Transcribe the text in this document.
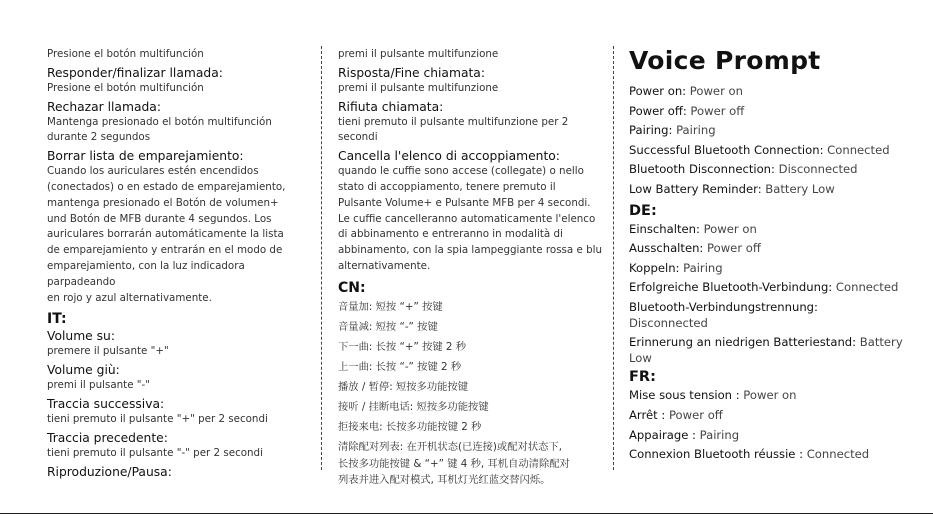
Presione el botón multifunción
Responder/finalizar llamada:
Presione el botón multifunción
Rechazar llamada:
Mantenga presionado el botón multifunción
durante 2 segundos
Borrar lista de emparejamiento:
Cuando los auriculares estén encendidos
(conectados) o en estado de emparejamiento,
mantenga presionado el Botón de volumen+
und Botón de MFB durante 4 segundos. Los
auriculares borrarán automáticamente la lista
de emparejamiento y entrarán en el modo de
emparejamiento, con la luz indicadora parpadeando
en rojo y azul alternativamente.
IT:
Volume su:
premere il pulsante "+"
Volume giù:
premi il pulsante "-"
Traccia successiva:
tieni premuto il pulsante "+" per 2 secondi
Traccia precedente:
tieni premuto il pulsante "-" per 2 secondi
Riproduzione/Pausa:
premi il pulsante multifunzione
Risposta/Fine chiamata:
premi il pulsante multifunzione
Rifiuta chiamata:
tieni premuto il pulsante multifunzione per 2 secondi
Cancella l'elenco di accoppiamento:
quando le cuffie sono accese (collegate) o nello
stato di accoppiamento, tenere premuto il
Pulsante Volume+ e Pulsante MFB per 4 secondi.
Le cuffie cancelleranno automaticamente l'elenco
di abbinamento e entreranno in modalità di
abbinamento, con la spia lampeggiante rossa e blu
alternativamente.
CN:
音量加: 短按 “+” 按键
音量减: 短按 “-” 按键
下一曲: 长按 “+” 按键 2 秒
上一曲: 长按 “-” 按键 2 秒
播放 / 暂停: 短按多功能按键
接听 / 挂断电话: 短按多功能按键
拒接来电: 长按多功能按键 2 秒
清除配对列表: 在开机状态(已连接)或配对状态下,
长按多功能按键 & “+” 键 4 秒, 耳机自动清除配对
列表并进入配对模式, 耳机灯光红蓝交替闪烁。
Voice Prompt
Power on: Power on
Power off: Power off
Pairing: Pairing
Successful Bluetooth Connection: Connected
Bluetooth Disconnection: Disconnected
Low Battery Reminder: Battery Low
DE:
Einschalten: Power on
Ausschalten: Power off
Koppeln: Pairing
Erfolgreiche Bluetooth-Verbindung: Connected
Bluetooth-Verbindungstrennung:
Disconnected
Erinnerung an niedrigen Batteriestand: Battery Low
FR:
Mise sous tension : Power on
Arrêt : Power off
Appairage : Pairing
Connexion Bluetooth réussie : Connected
